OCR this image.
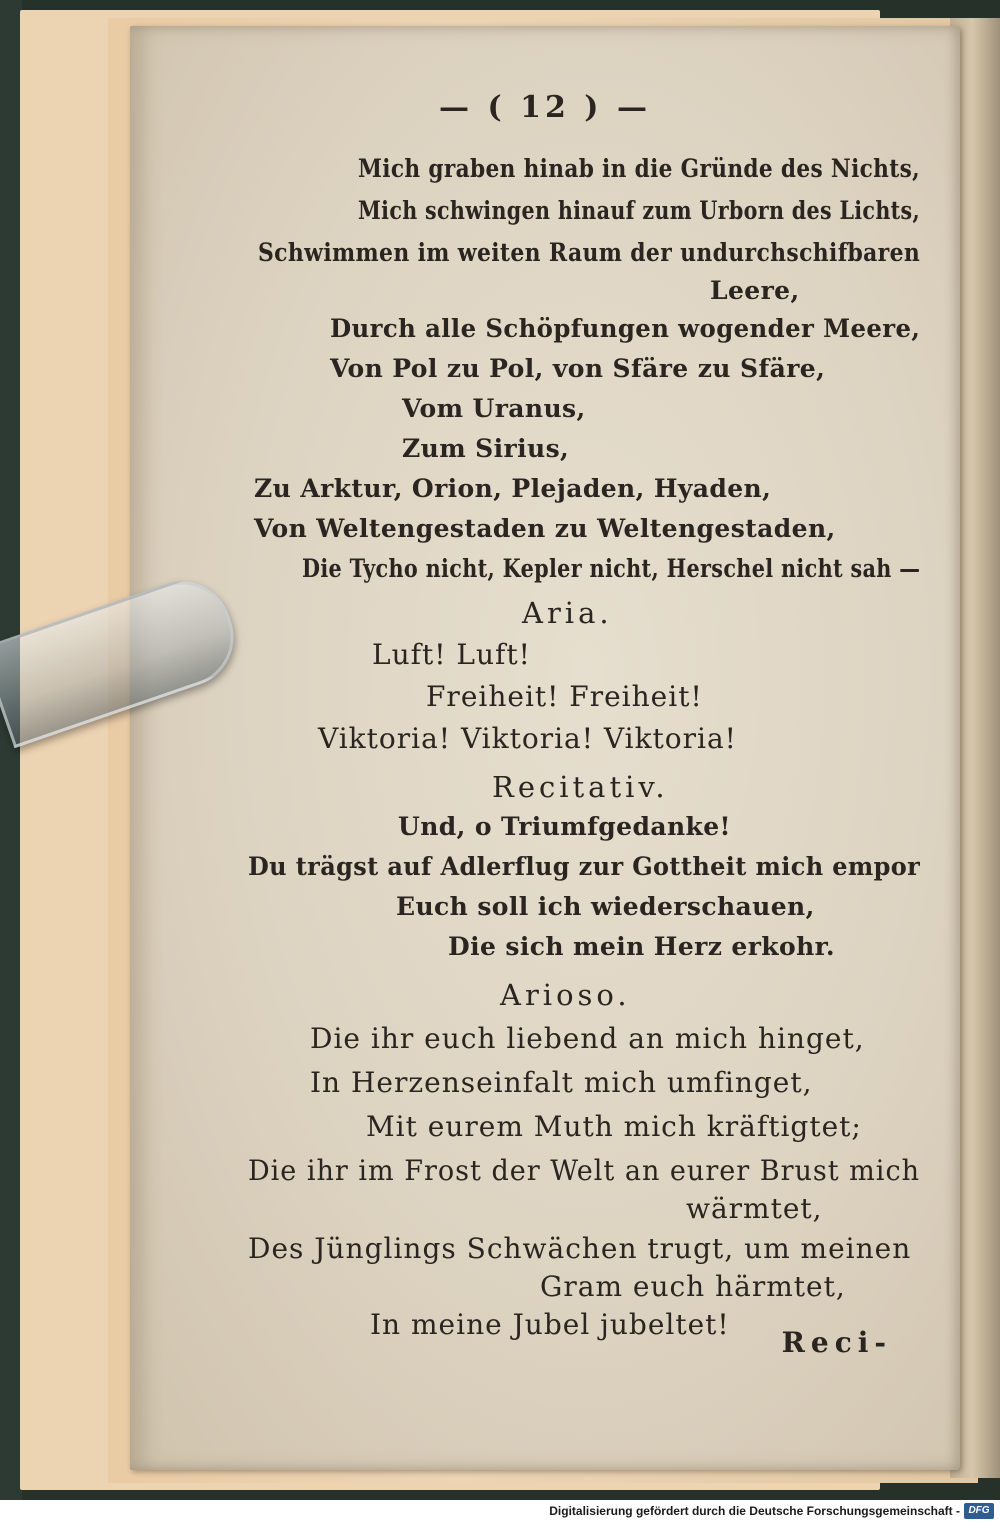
— ( 12 ) —
Mich graben hinab in die Gründe des Nichts,
Mich schwingen hinauf zum Urborn des Lichts,
Schwimmen im weiten Raum der undurchschifbaren
Leere,
Durch alle Schöpfungen wogender Meere,
Von Pol zu Pol, von Sfäre zu Sfäre,
Vom Uranus,
Zum Sirius,
Zu Arktur, Orion, Plejaden, Hyaden,
Von Weltengestaden zu Weltengestaden,
Die Tycho nicht, Kepler nicht, Herschel nicht sah —
Aria.
Luft! Luft!
Freiheit! Freiheit!
Viktoria! Viktoria! Viktoria!
Recitativ.
Und, o Triumfgedanke!
Du trägst auf Adlerflug zur Gottheit mich empor
Euch soll ich wiederschauen,
Die sich mein Herz erkohr.
Arioso.
Die ihr euch liebend an mich hinget,
In Herzenseinfalt mich umfinget,
Mit eurem Muth mich kräftigtet;
Die ihr im Frost der Welt an eurer Brust mich
wärmtet,
Des Jünglings Schwächen trugt, um meinen
Gram euch härmtet,
In meine Jubel jubeltet!
Reci-
Digitalisierung gefördert durch die Deutsche Forschungsgemeinschaft - DFG
